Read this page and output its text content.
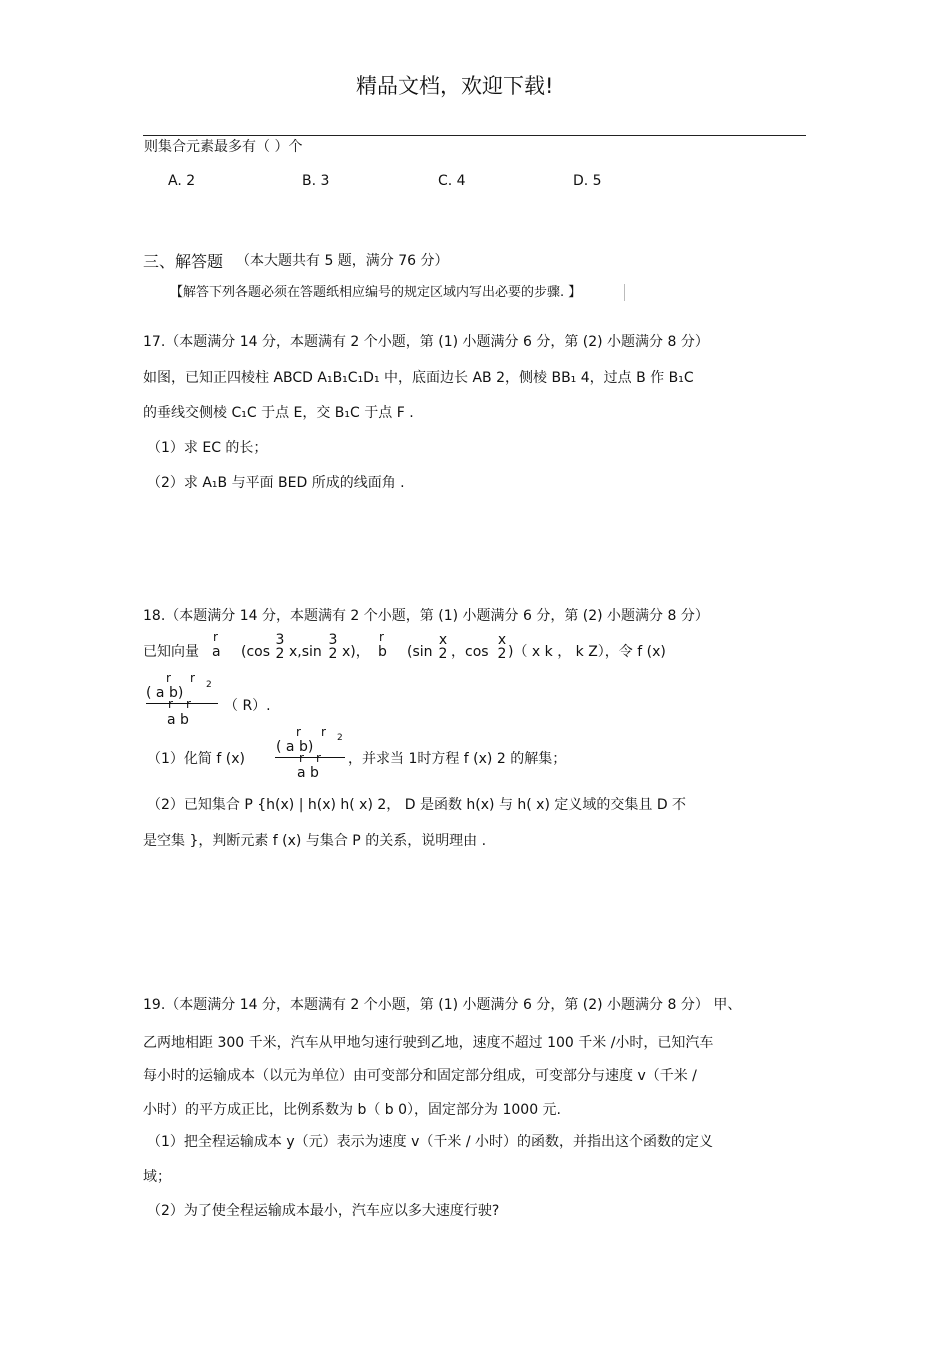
精品文档，欢迎下载!
则集合元素最多有（ ）个
A. 2	B. 3	C. 4	D. 5
三、解答题 （本大题共有 5 题，满分 76 分）
【解答下列各题必须在答题纸相应编号的规定区域内写出必要的步骤. 】
17.（本题满分 14 分，本题满有 2 个小题，第 (1) 小题满分 6 分，第 (2) 小题满分 8 分）
如图，已知正四棱柱 ABCD A₁B₁C₁D₁ 中，底面边长 AB 2，侧棱 BB₁ 4，过点 B 作 B₁C
的垂线交侧棱 C₁C 于点 E，交 B₁C 于点 F .
（1）求 EC 的长；
（2）求 A₁B 与平面 BED 所成的线面角 .
18.（本题满分 14 分，本题满有 2 个小题，第 (1) 小题满分 6 分，第 (2) 小题满分 8 分）
已知向量
r
a (cos
3
2 x,sin
3
2 x)，
r
b (sin
x
2 ，cos
x
2 )（ x k ， k Z），令 f (x)
r r
( a b)	2
r r
a b
（ R）.
（1）化简 f (x)
r r
( a b)
2
r r
a b
，并求当 1时方程 f (x) 2 的解集；
（2）已知集合 P {h(x) | h(x) h( x) 2， D 是函数 h(x) 与 h( x) 定义域的交集且 D 不
是空集 }，判断元素 f (x) 与集合 P 的关系，说明理由 .
19.（本题满分 14 分，本题满有 2 个小题，第 (1) 小题满分 6 分，第 (2) 小题满分 8 分） 甲、
乙两地相距 300 千米，汽车从甲地匀速行驶到乙地，速度不超过 100 千米 /小时，已知汽车
每小时的运输成本（以元为单位）由可变部分和固定部分组成，可变部分与速度 v（千米 /
小时）的平方成正比，比例系数为 b（ b 0），固定部分为 1000 元.
（1）把全程运输成本 y（元）表示为速度 v（千米 / 小时）的函数，并指出这个函数的定义
域；
（2）为了使全程运输成本最小，汽车应以多大速度行驶?
